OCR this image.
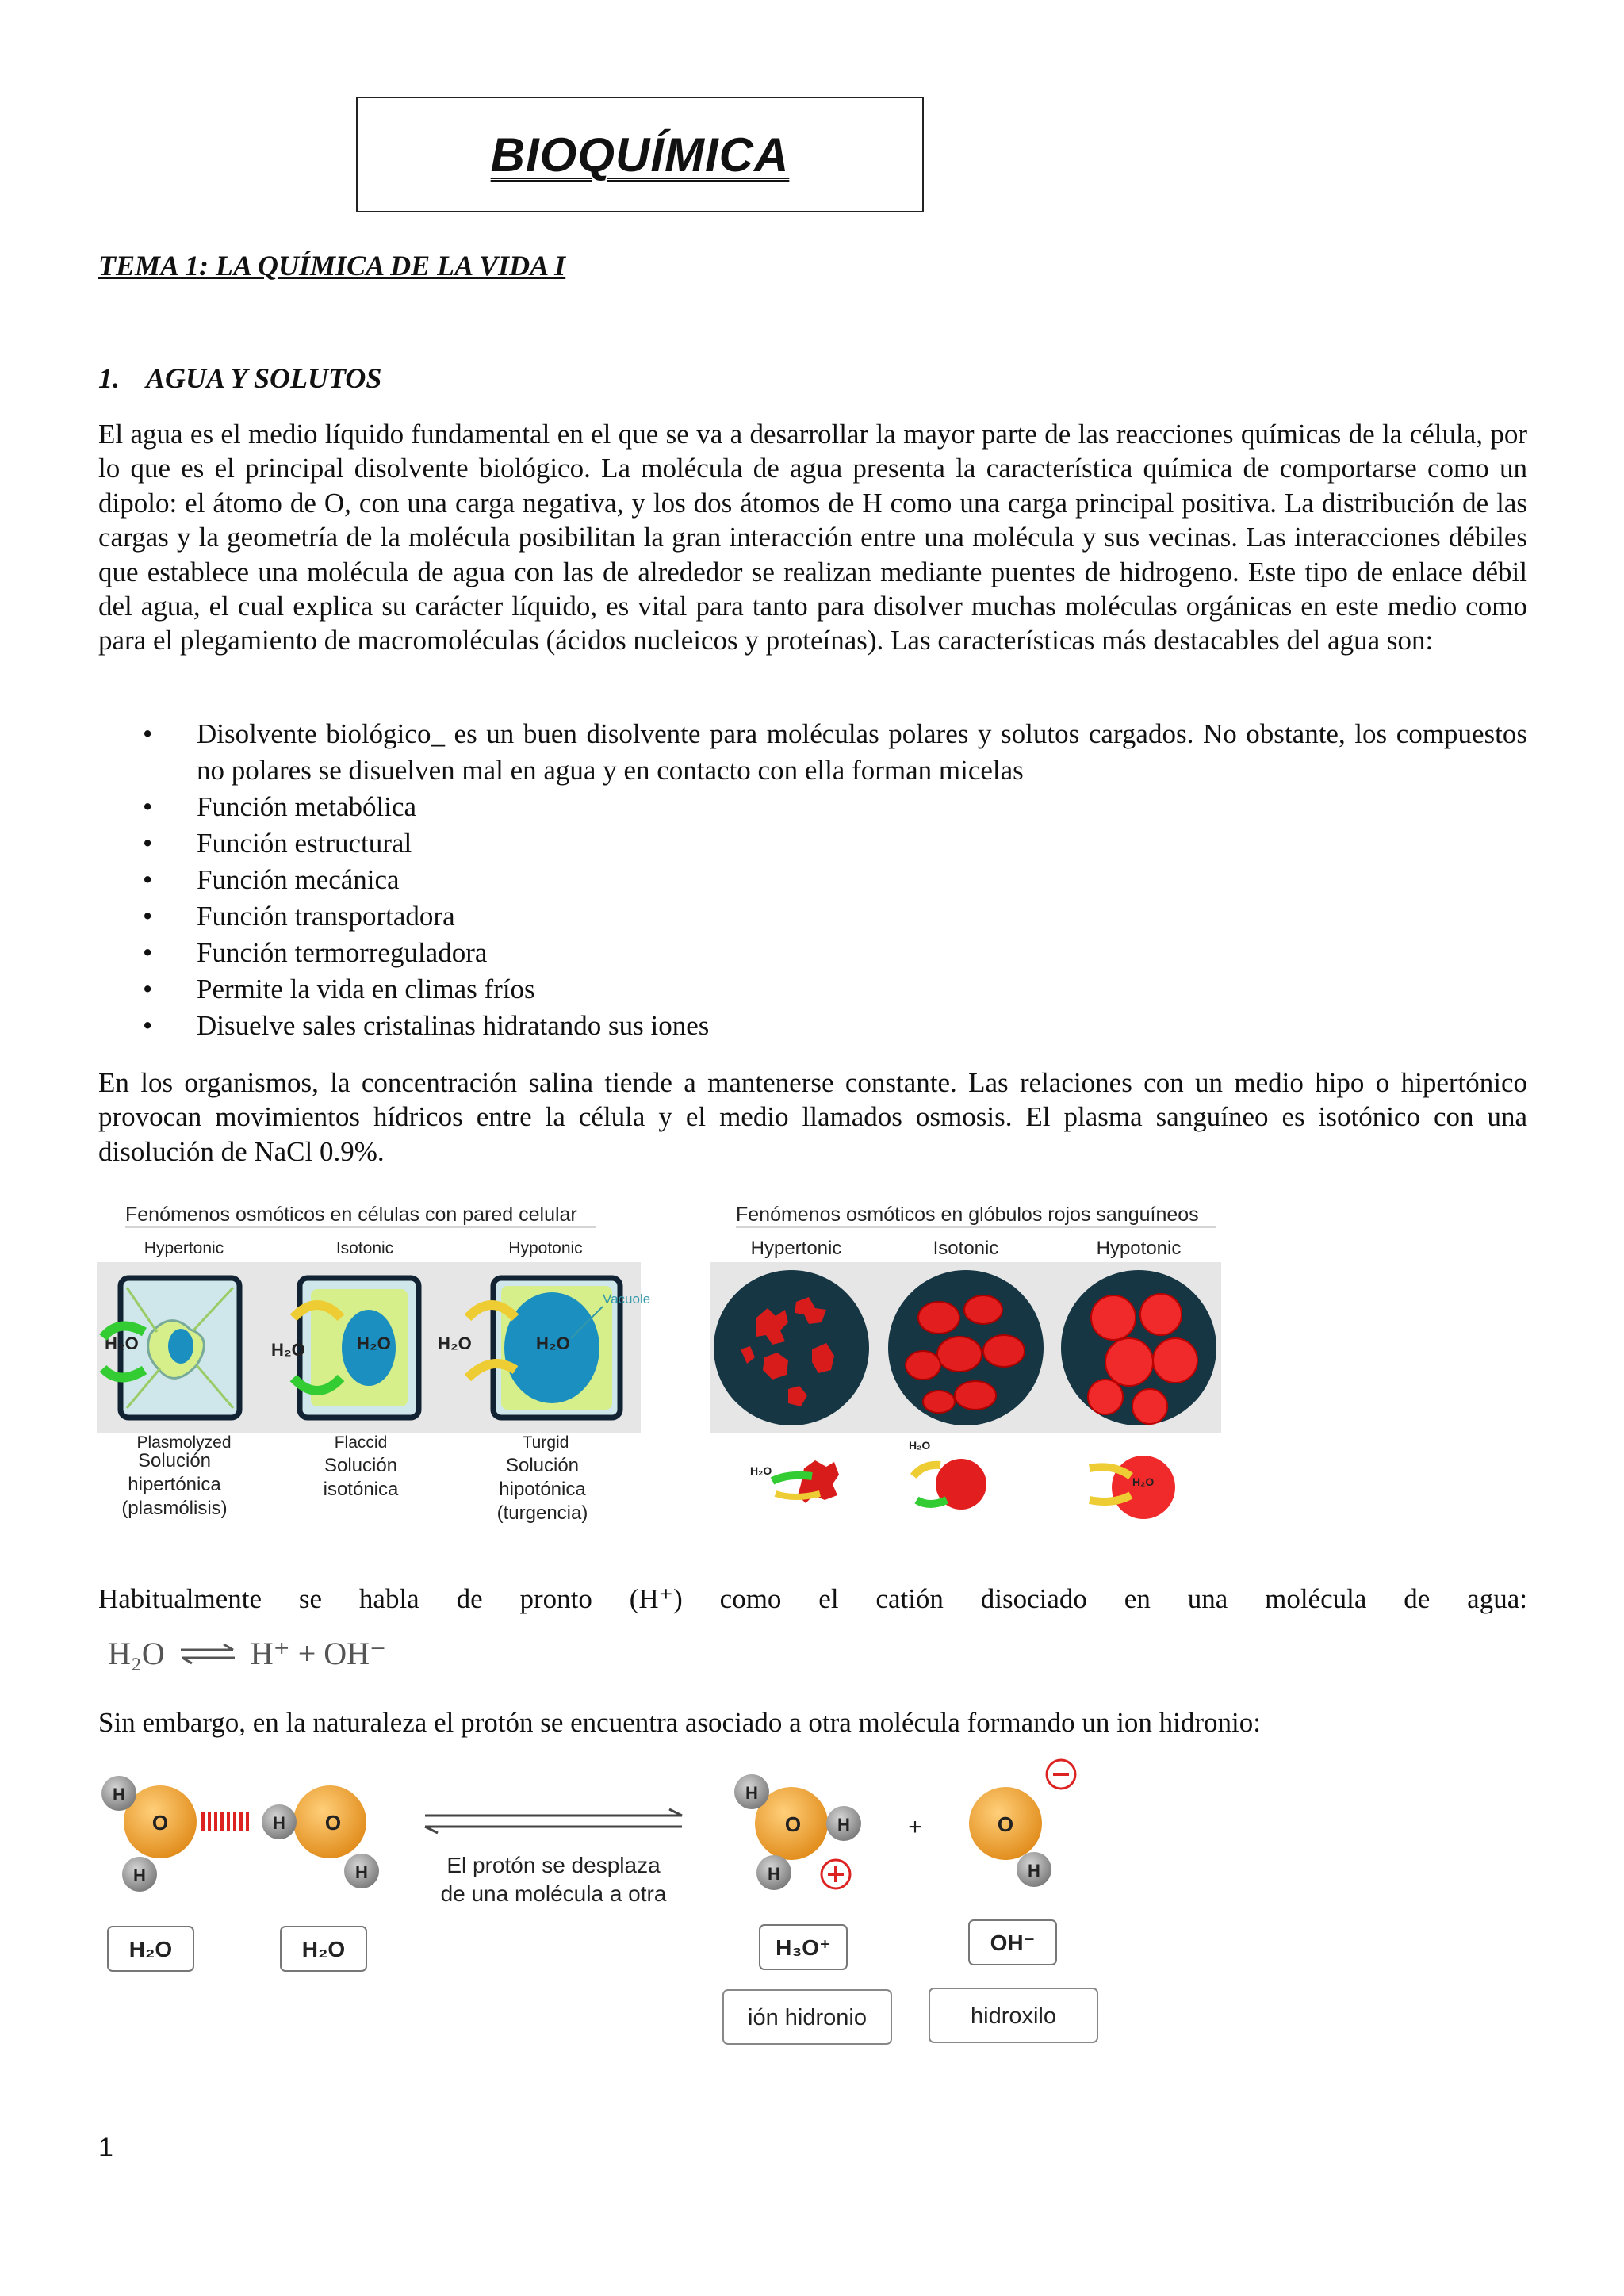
BIOQUÍMICA
TEMA 1: LA QUÍMICA DE LA VIDA I
1. AGUA Y SOLUTOS
El agua es el medio líquido fundamental en el que se va a desarrollar la mayor parte de las reacciones químicas de la célula, por lo que es el principal disolvente biológico. La molécula de agua presenta la característica química de comportarse como un dipolo: el átomo de O, con una carga negativa, y los dos átomos de H como una carga principal positiva. La distribución de las cargas y la geometría de la molécula posibilitan la gran interacción entre una molécula y sus vecinas. Las interacciones débiles que establece una molécula de agua con las de alrededor se realizan mediante puentes de hidrogeno. Este tipo de enlace débil del agua, el cual explica su carácter líquido, es vital para tanto para disolver muchas moléculas orgánicas en este medio como para el plegamiento de macromoléculas (ácidos nucleicos y proteínas). Las características más destacables del agua son:
• Disolvente biológico_ es un buen disolvente para moléculas polares y solutos cargados. No obstante, los compuestos no polares se disuelven mal en agua y en contacto con ella forman micelas
• Función metabólica
• Función estructural
• Función mecánica
• Función transportadora
• Función termorreguladora
• Permite la vida en climas fríos
• Disuelve sales cristalinas hidratando sus iones
En los organismos, la concentración salina tiende a mantenerse constante. Las relaciones con un medio hipo o hipertónico provocan movimientos hídricos entre la célula y el medio llamados osmosis. El plasma sanguíneo es isotónico con una disolución de NaCl 0.9%.
Fenómenos osmóticos en células con pared celular
Hypertonic	Isotonic	Hypotonic
H₂O	H₂O	H₂O	H₂O	H₂O
Vacuole
Plasmolyzed	Flaccid	Turgid
Solución
hipertónica
(plasmólisis)
Solución
isotónica
Solución
hipotónica
(turgencia)
Fenómenos osmóticos en glóbulos rojos sanguíneos
Hypertonic	Isotonic	Hypotonic
H₂O
H₂O
H₂O
Habitualmente se habla de pronto (H⁺) como el catión disociado en una molécula de agua:
H₂O ⇌ H⁺ + OH⁻
Sin embargo, en la naturaleza el protón se encuentra asociado a otra molécula formando un ion hidronio:
O
H
H
O
H
H	El protón se desplaza
de una molécula a otra
O
H
H
H
+	O
H
H₂O	H₂O	H₃O⁺	OH⁻
ión hidronio	hidroxilo
1
